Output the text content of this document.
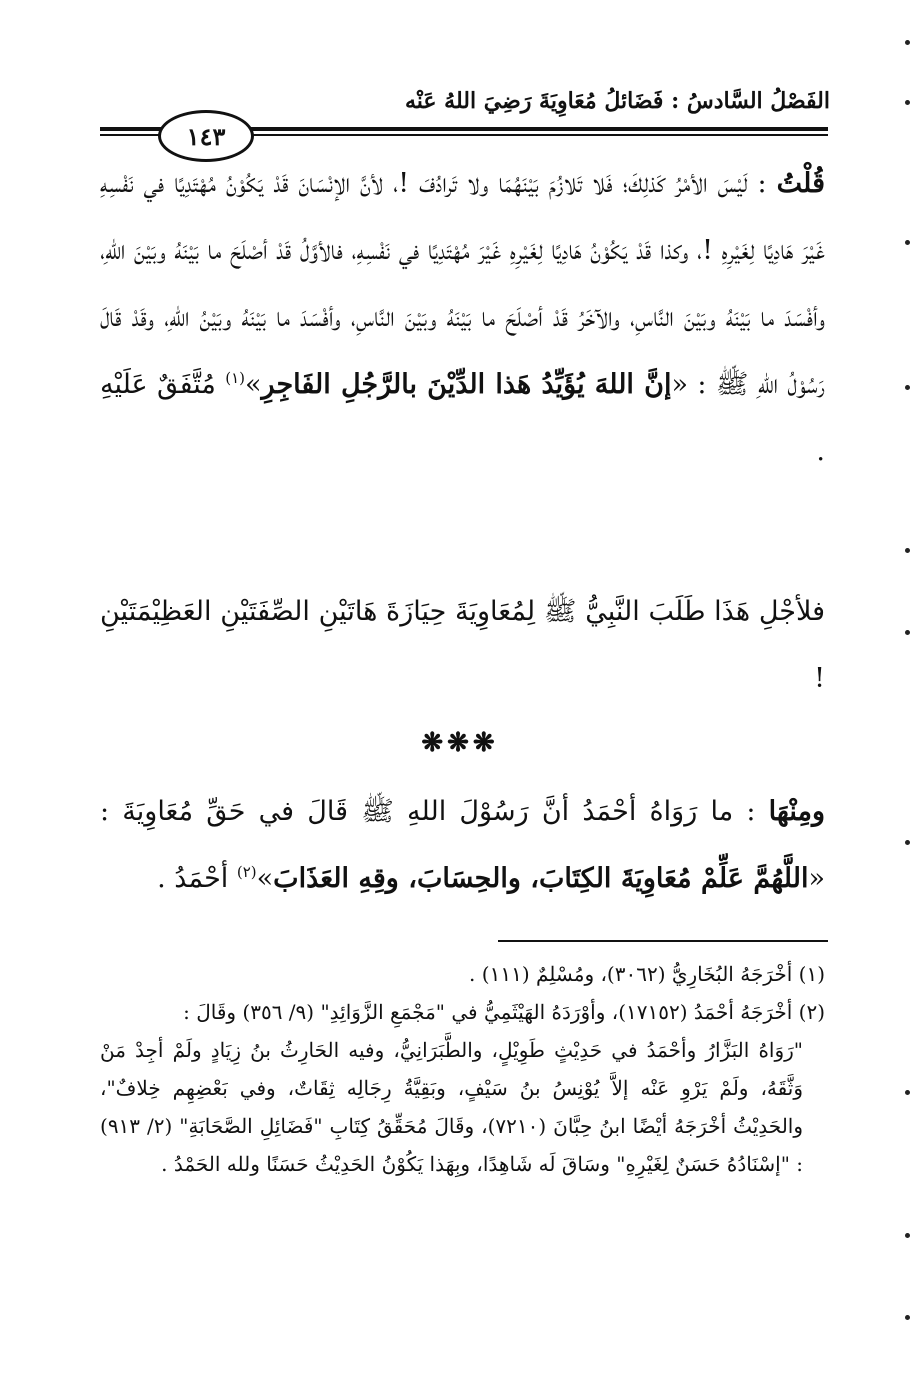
الفَصْلُ السَّادسُ : فَضَائلُ مُعَاوِيَةَ رَضِيَ اللهُ عَنْه
١٤٣
قُلْتُ : لَيْسَ الأمْرُ كَذلِكَ؛ فَلا تَلازُمَ بَيْنَهُمَا ولا تَرادُفَ !، لأنَّ الإنْسَانَ قَدْ يَكُوْنُ مُهْتَدِيًا في نَفْسِهِ غَيْرَ هَادِيًا لِغَيْرِهِ !، وكذا قَدْ يَكُوْنُ هَادِيًا لِغَيْرِهِ غَيْرَ مُهْتَدِيًا في نَفْسِهِ، فالأوَّلُ قَدْ أصْلَحَ ما بَيْنَهُ وبَيْنَ اللهِ، وأفْسَدَ ما بَيْنَهُ وبَيْنَ النَّاسِ، والآخَرُ قَدْ أصْلَحَ ما بَيْنَهُ وبَيْنَ النَّاسِ، وأفْسَدَ ما بَيْنَهُ وبَيْنُ اللهِ، وقَدْ قَالَ رَسُوْلُ اللهِ ﷺ : «إنَّ اللهَ يُؤَيِّدُ هَذا الدِّيْنَ بالرَّجُلِ الفَاجِرِ»$^{(١)}$ مُتَّفَقٌ عَلَيْهِ .
فلأجْلِ هَذَا طَلَبَ النَّبِيُّ ﷺ لِمُعَاوِيَةَ حِيَازَةَ هَاتَيْنِ الصِّفَتَيْنِ العَظِيْمَتَيْنِ !
❋❋❋
ومِنْهَا : ما رَوَاهُ أحْمَدُ أنَّ رَسُوْلَ اللهِ ﷺ قَالَ في حَقِّ مُعَاوِيَةَ : «اللَّهُمَّ عَلِّمْ مُعَاوِيَةَ الكِتَابَ، والحِسَابَ، وقِهِ العَذَابَ»$^{(٢)}$ أحْمَدُ .

(١) أخْرَجَهُ البُخَارِيُّ (٣٠٦٢)، ومُسْلِمٌ (١١١) .

(٢) أخْرَجَهُ أحْمَدُ (١٧١٥٢)، وأوْرَدَهُ الهَيْثَمِيُّ في "مَجْمَعِ الزَّوَائِدِ" (٩/ ٣٥٦) وقَالَ :

"رَوَاهُ البَزَّارُ وأحْمَدُ في حَدِيْثٍ طَوِيْلٍ، والطَّبَرَانِيُّ، وفيه الحَارِثُ بنُ زِيَادٍ ولَمْ أجِدْ مَنْ وَثَّقَهُ، ولَمْ يَرْوِ عَنْه إلاَّ يُوْنِسُ بنُ سَيْفٍ، وبَقِيَّةُ رِجَالِه ثِقَاتٌ، وفي بَعْضِهِم خِلافٌ"، والحَدِيْثُ أخْرَجَهُ أيْضًا ابنُ حِبَّانَ (٧٢١٠)، وقَالَ مُحَقِّقُ كِتَابِ "فَضَائِلِ الصَّحَابَةِ" (٢/ ٩١٣) : "إسْنَادُهُ حَسَنٌ لِغَيْرِهِ" وسَاقَ لَه شَاهِدًا، وبِهَذا يَكُوْنُ الحَدِيْثُ حَسَنًا ولله الحَمْدُ .
